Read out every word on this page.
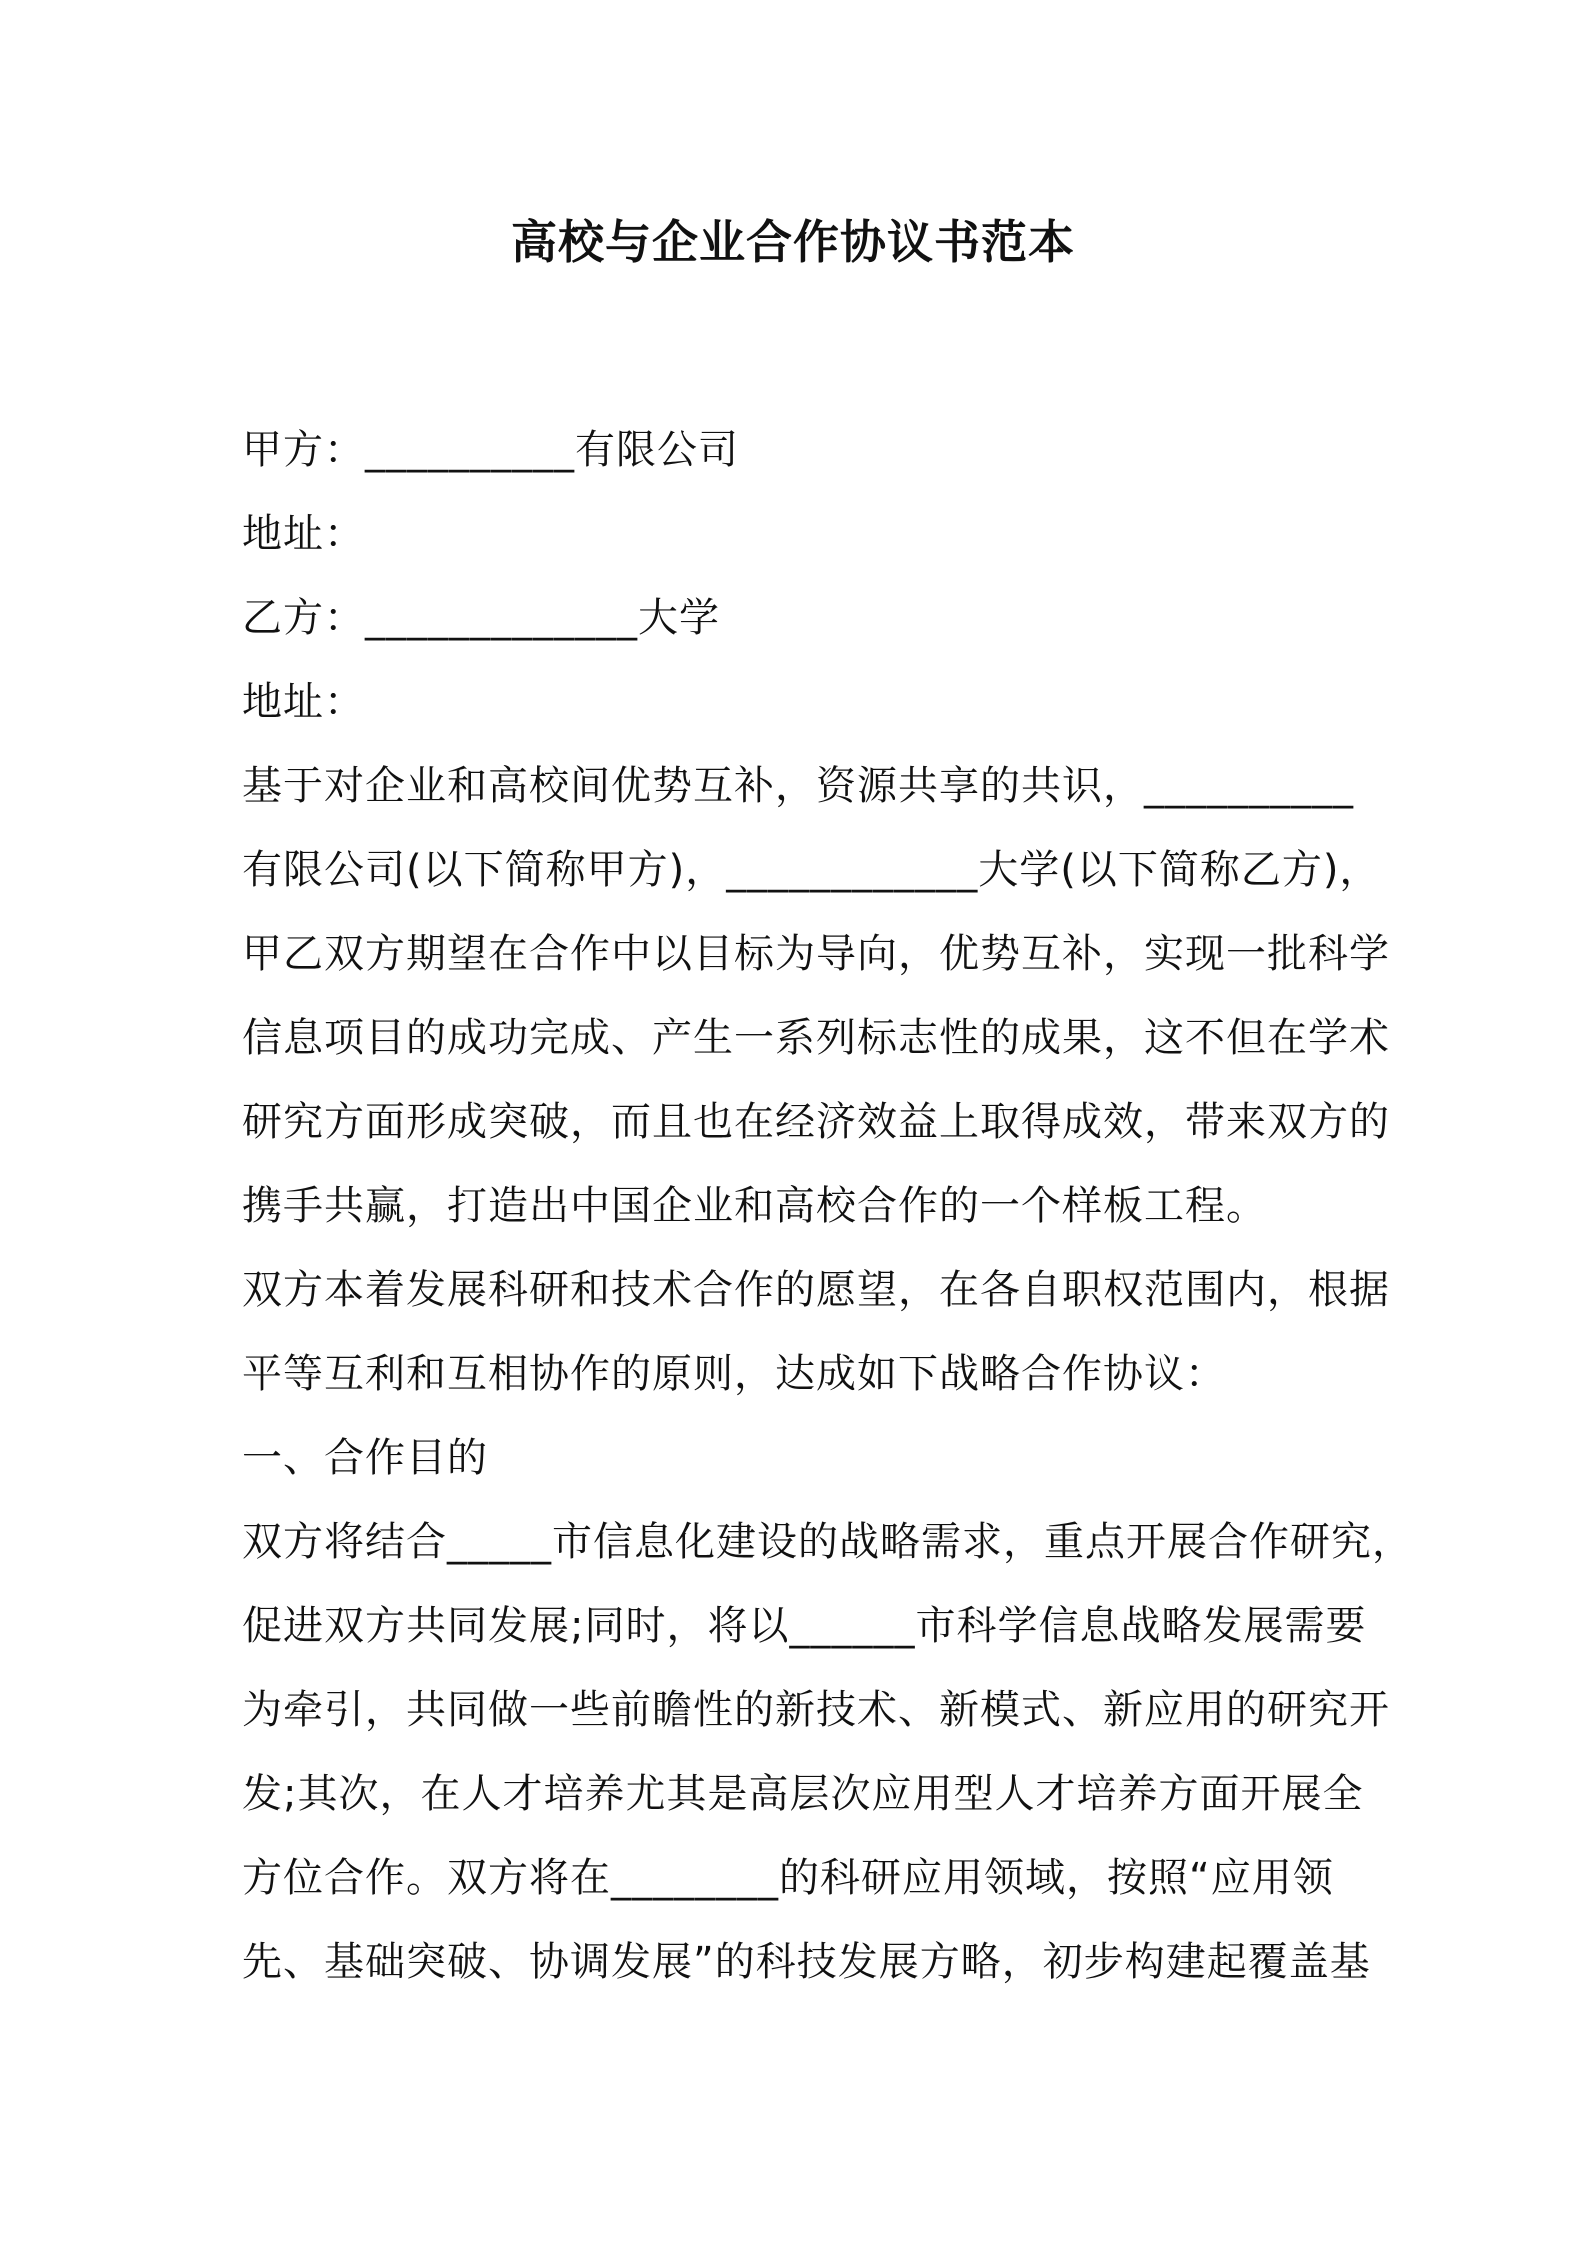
高校与企业合作协议书范本
甲方：__________有限公司
地址：
乙方：_____________大学
地址：
基于对企业和高校间优势互补，资源共享的共识，__________
有限公司(以下简称甲方)，____________大学(以下简称乙方)，
甲乙双方期望在合作中以目标为导向，优势互补，实现一批科学
信息项目的成功完成、产生一系列标志性的成果，这不但在学术
研究方面形成突破，而且也在经济效益上取得成效，带来双方的
携手共赢，打造出中国企业和高校合作的一个样板工程。
双方本着发展科研和技术合作的愿望，在各自职权范围内，根据
平等互利和互相协作的原则，达成如下战略合作协议：
一、合作目的
双方将结合_____市信息化建设的战略需求，重点开展合作研究，
促进双方共同发展;同时，将以______市科学信息战略发展需要
为牵引，共同做一些前瞻性的新技术、新模式、新应用的研究开
发;其次，在人才培养尤其是高层次应用型人才培养方面开展全
方位合作。双方将在________的科研应用领域，按照“应用领
先、基础突破、协调发展”的科技发展方略，初步构建起覆盖基
